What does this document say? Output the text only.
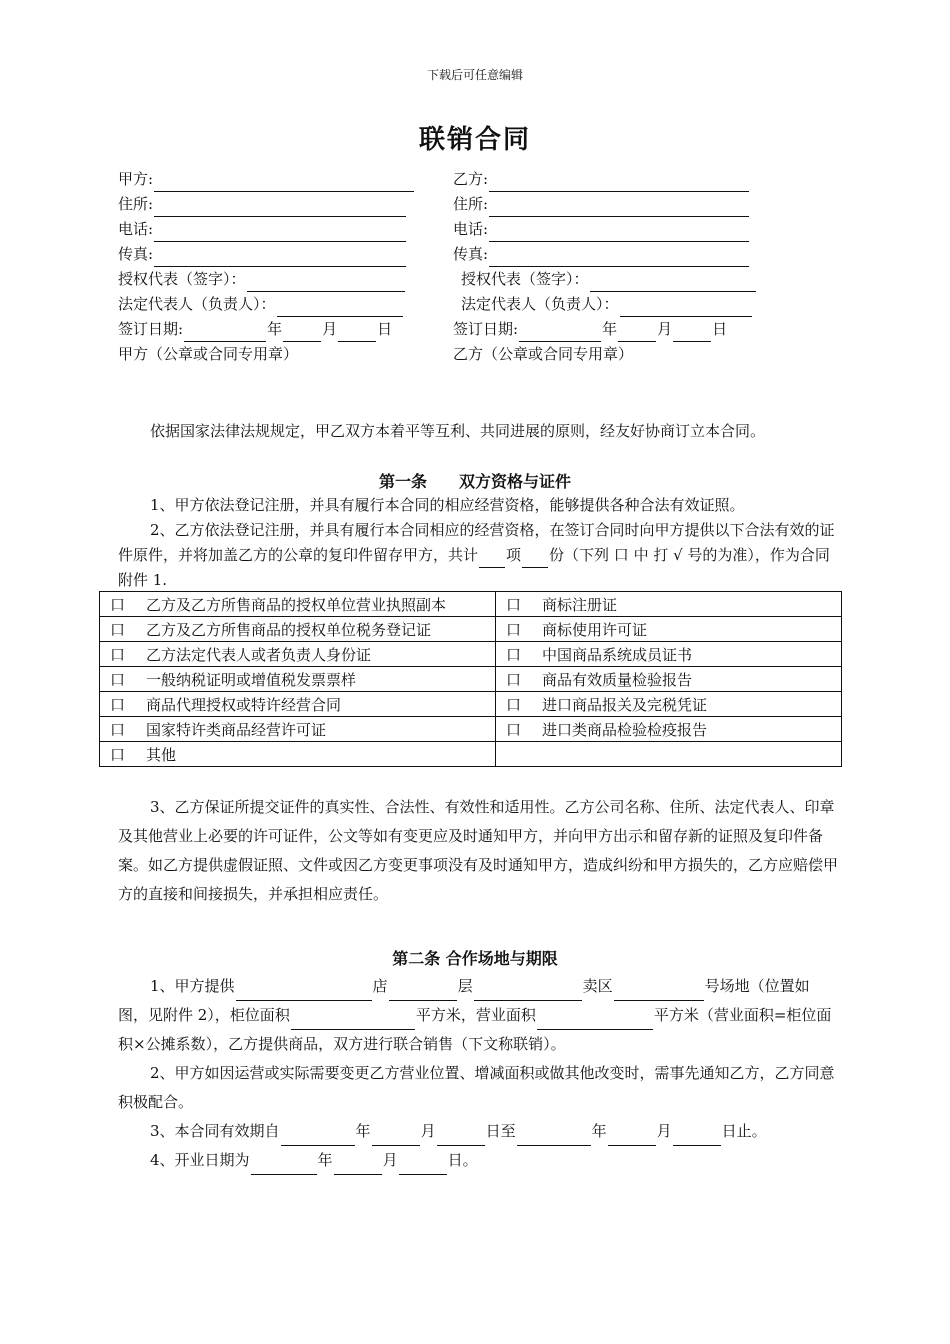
下载后可任意编辑
联销合同
甲方:
住所:
电话:
传真:
授权代表（签字）：
法定代表人（负责人）：
签订日期:	年	月	日
甲方（公章或合同专用章）
乙方:
住所:
电话:
传真:
授权代表（签字）：
法定代表人（负责人）：
签订日期:	年	月	日
乙方（公章或合同专用章）
依据国家法律法规规定，甲乙双方本着平等互利、共同进展的原则，经友好协商订立本合同。
第一条　　双方资格与证件
1、甲方依法登记注册，并具有履行本合同的相应经营资格，能够提供各种合法有效证照。
2、乙方依法登记注册，并具有履行本合同相应的经营资格，在签订合同时向甲方提供以下合法有效的证件原件，并将加盖乙方的公章的复印件留存甲方，共计 项 份（下列 口 中 打 √ 号的为准），作为合同附件 1.
口 乙方及乙方所售商品的授权单位营业执照副本	口 商标注册证
口 乙方及乙方所售商品的授权单位税务登记证	口 商标使用许可证
口 乙方法定代表人或者负责人身份证	口 中国商品系统成员证书
口 一般纳税证明或增值税发票票样	口 商品有效质量检验报告
口 商品代理授权或特许经营合同	口 进口商品报关及完税凭证
口 国家特许类商品经营许可证	口 进口类商品检验检疫报告
口 其他	
3、乙方保证所提交证件的真实性、合法性、有效性和适用性。乙方公司名称、住所、法定代表人、印章及其他营业上必要的许可证件，公文等如有变更应及时通知甲方，并向甲方出示和留存新的证照及复印件备案。如乙方提供虚假证照、文件或因乙方变更事项没有及时通知甲方，造成纠纷和甲方损失的，乙方应赔偿甲方的直接和间接损失，并承担相应责任。
第二条 合作场地与期限
1、甲方提供	店	层	卖区	号场地（位置如图，见附件 2），柜位面积	平方米，营业面积	平方米（营业面积=柜位面积×公摊系数），乙方提供商品，双方进行联合销售（下文称联销）。
2、甲方如因运营或实际需要变更乙方营业位置、增减面积或做其他改变时，需事先通知乙方，乙方同意积极配合。
3、本合同有效期自	年	月	日至	年	月	日止。
4、开业日期为	年	月	日。
